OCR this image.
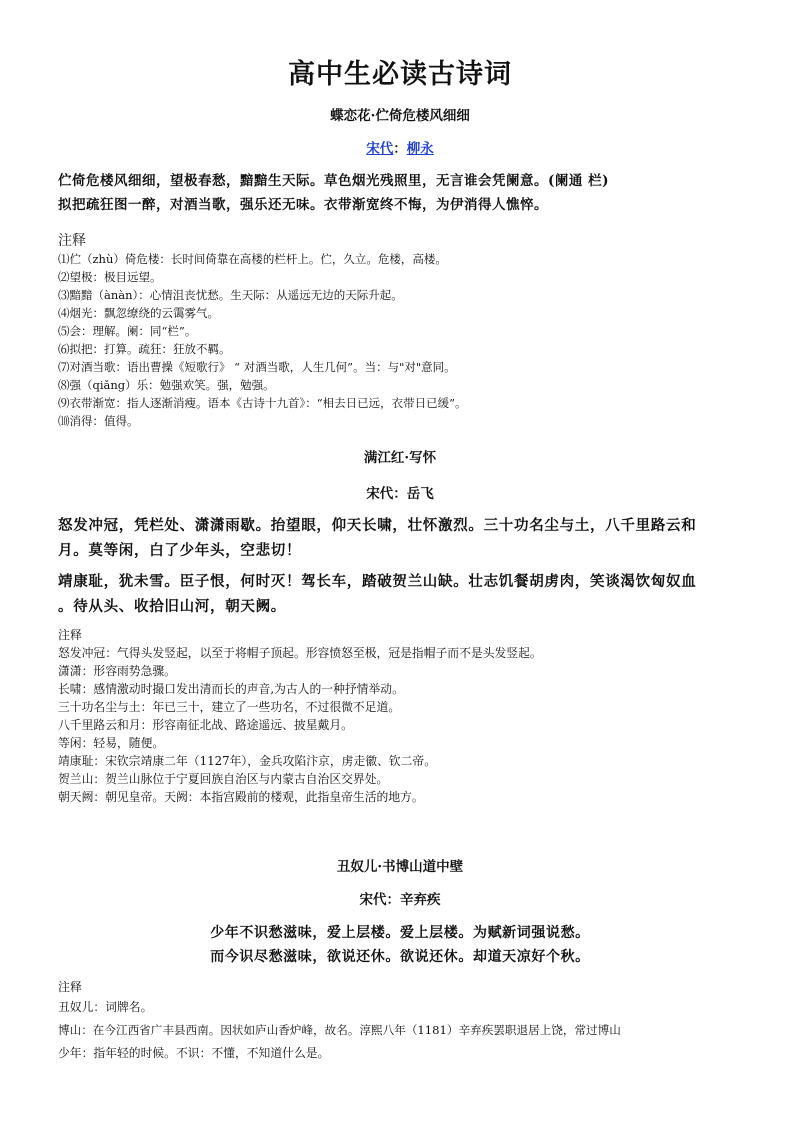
高中生必读古诗词
蝶恋花·伫倚危楼风细细
宋代：柳永
伫倚危楼风细细，望极春愁，黯黯生天际。草色烟光残照里，无言谁会凭阑意。(阑通 栏)
拟把疏狂图一醉，对酒当歌，强乐还无味。衣带渐宽终不悔，为伊消得人憔悴。
注释
⑴伫（zhù）倚危楼：长时间倚靠在高楼的栏杆上。伫，久立。危楼，高楼。
⑵望极：极目远望。
⑶黯黯（ànàn）：心情沮丧忧愁。生天际：从遥远无边的天际升起。
⑷烟光：飘忽缭绕的云霭雾气。
⑸会：理解。阑：同“栏”。
⑹拟把：打算。疏狂：狂放不羁。
⑺对酒当歌：语出曹操《短歌行》 “ 对酒当歌，人生几何”。当：与"对"意同。
⑻强（qiǎng）乐：勉强欢笑。强，勉强。
⑼衣带渐宽：指人逐渐消瘦。语本《古诗十九首》：“相去日已远，衣带日已缓”。
⑽消得：值得。
满江红·写怀
宋代：岳飞
怒发冲冠，凭栏处、潇潇雨歇。抬望眼，仰天长啸，壮怀激烈。三十功名尘与土，八千里路云和
月。莫等闲，白了少年头，空悲切！
靖康耻，犹未雪。臣子恨，何时灭！驾长车，踏破贺兰山缺。壮志饥餐胡虏肉，笑谈渴饮匈奴血
。待从头、收拾旧山河，朝天阙。
注释
怒发冲冠：气得头发竖起，以至于将帽子顶起。形容愤怒至极，冠是指帽子而不是头发竖起。
潇潇：形容雨势急骤。
长啸：感情激动时撮口发出清而长的声音,为古人的一种抒情举动。
三十功名尘与土：年已三十，建立了一些功名，不过很微不足道。
八千里路云和月：形容南征北战、路途遥远、披星戴月。
等闲：轻易，随便。
靖康耻：宋钦宗靖康二年（1127年），金兵攻陷汴京，虏走徽、钦二帝。
贺兰山：贺兰山脉位于宁夏回族自治区与内蒙古自治区交界处。
朝天阙：朝见皇帝。天阙：本指宫殿前的楼观，此指皇帝生活的地方。
丑奴儿·书博山道中壁
宋代：辛弃疾
少年不识愁滋味，爱上层楼。爱上层楼。为赋新词强说愁。
而今识尽愁滋味，欲说还休。欲说还休。却道天凉好个秋。
注释
丑奴儿：词牌名。
博山：在今江西省广丰县西南。因状如庐山香炉峰，故名。淳熙八年（1181）辛弃疾罢职退居上饶，常过博山
少年：指年轻的时候。不识：不懂，不知道什么是。
